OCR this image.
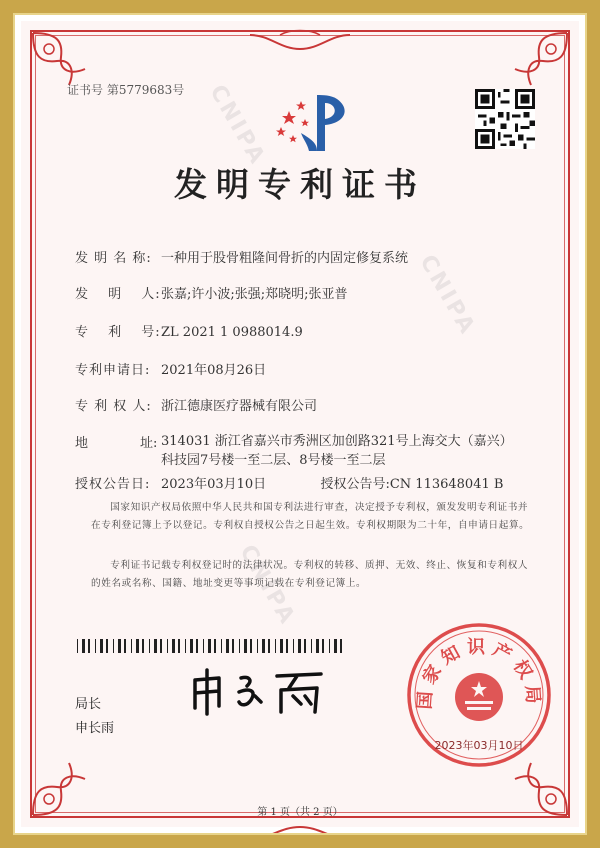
证书号 第5779683号
发明专利证书
发 明 名 称: 一种用于股骨粗隆间骨折的内固定修复系统
发　 明　 人:张嘉;许小波;张强;郑晓明;张亚普
专　 利　 号:ZL 2021 1 0988014.9
专利申请日: 2021年08月26日
专 利 权 人: 浙江德康医疗器械有限公司
地　　　　址: 314031 浙江省嘉兴市秀洲区加创路321号上海交大（嘉兴）科技园7号楼一至二层、8号楼一至二层
授权公告日: 2023年03月10日	授权公告号:CN 113648041 B
国家知识产权局依照中华人民共和国专利法进行审查，决定授予专利权，颁发发明专利证书并在专利登记簿上予以登记。专利权自授权公告之日起生效。专利权期限为二十年，自申请日起算。
专利证书记载专利权登记时的法律状况。专利权的转移、质押、无效、终止、恢复和专利权人的姓名或名称、国籍、地址变更等事项记载在专利登记簿上。
局长
申长雨
国家知识产权局
2023年03月10日
第 1 页（共 2 页）
